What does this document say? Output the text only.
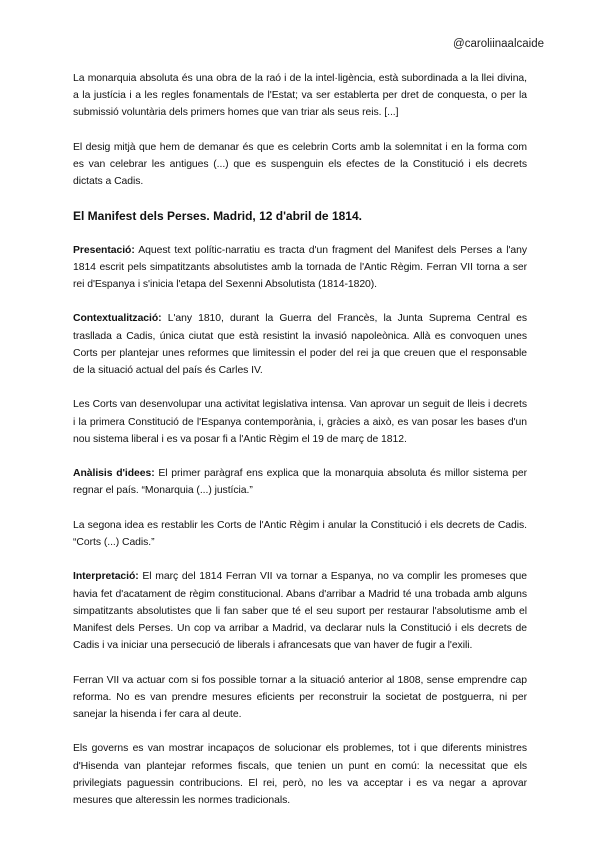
@caroliinaalcaide

La monarquia absoluta és una obra de la raó i de la intel·ligència, està subordinada a la llei divina, a la justícia i a les regles fonamentals de l'Estat; va ser establerta per dret de conquesta, o per la submissió voluntària dels primers homes que van triar als seus reis. [...]

El desig mitjà que hem de demanar és que es celebrin Corts amb la solemnitat i en la forma com es van celebrar les antigues (...) que es suspenguin els efectes de la Constitució i els decrets dictats a Cadis.

El Manifest dels Perses. Madrid, 12 d'abril de 1814.

Presentació: Aquest text polític-narratiu es tracta d'un fragment del Manifest dels Perses a l'any 1814 escrit pels simpatitzants absolutistes amb la tornada de l'Antic Règim. Ferran VII torna a ser rei d'Espanya i s'inicia l'etapa del Sexenni Absolutista (1814-1820).

Contextualització: L'any 1810, durant la Guerra del Francès, la Junta Suprema Central es trasllada a Cadis, única ciutat que està resistint la invasió napoleònica. Allà es convoquen unes Corts per plantejar unes reformes que limitessin el poder del rei ja que creuen que el responsable de la situació actual del país és Carles IV.

Les Corts van desenvolupar una activitat legislativa intensa. Van aprovar un seguit de lleis i decrets i la primera Constitució de l'Espanya contemporània, i, gràcies a això, es van posar les bases d'un nou sistema liberal i es va posar fi a l'Antic Règim el 19 de març de 1812.

Anàlisis d'idees: El primer paràgraf ens explica que la monarquia absoluta és millor sistema per regnar el país. “Monarquia (...) justícia.”

La segona idea es restablir les Corts de l'Antic Règim i anular la Constitució i els decrets de Cadis. “Corts (...) Cadis.”

Interpretació: El març del 1814 Ferran VII va tornar a Espanya, no va complir les promeses que havia fet d'acatament de règim constitucional. Abans d'arribar a Madrid té una trobada amb alguns simpatitzants absolutistes que li fan saber que té el seu suport per restaurar l'absolutisme amb el Manifest dels Perses. Un cop va arribar a Madrid, va declarar nuls la Constitució i els decrets de Cadis i va iniciar una persecució de liberals i afrancesats que van haver de fugir a l'exili.

Ferran VII va actuar com si fos possible tornar a la situació anterior al 1808, sense emprendre cap reforma. No es van prendre mesures eficients per reconstruir la societat de postguerra, ni per sanejar la hisenda i fer cara al deute.

Els governs es van mostrar incapaços de solucionar els problemes, tot i que diferents ministres d'Hisenda van plantejar reformes fiscals, que tenien un punt en comú: la necessitat que els privilegiats paguessin contribucions. El rei, però, no les va acceptar i es va negar a aprovar mesures que alteressin les normes tradicionals.
